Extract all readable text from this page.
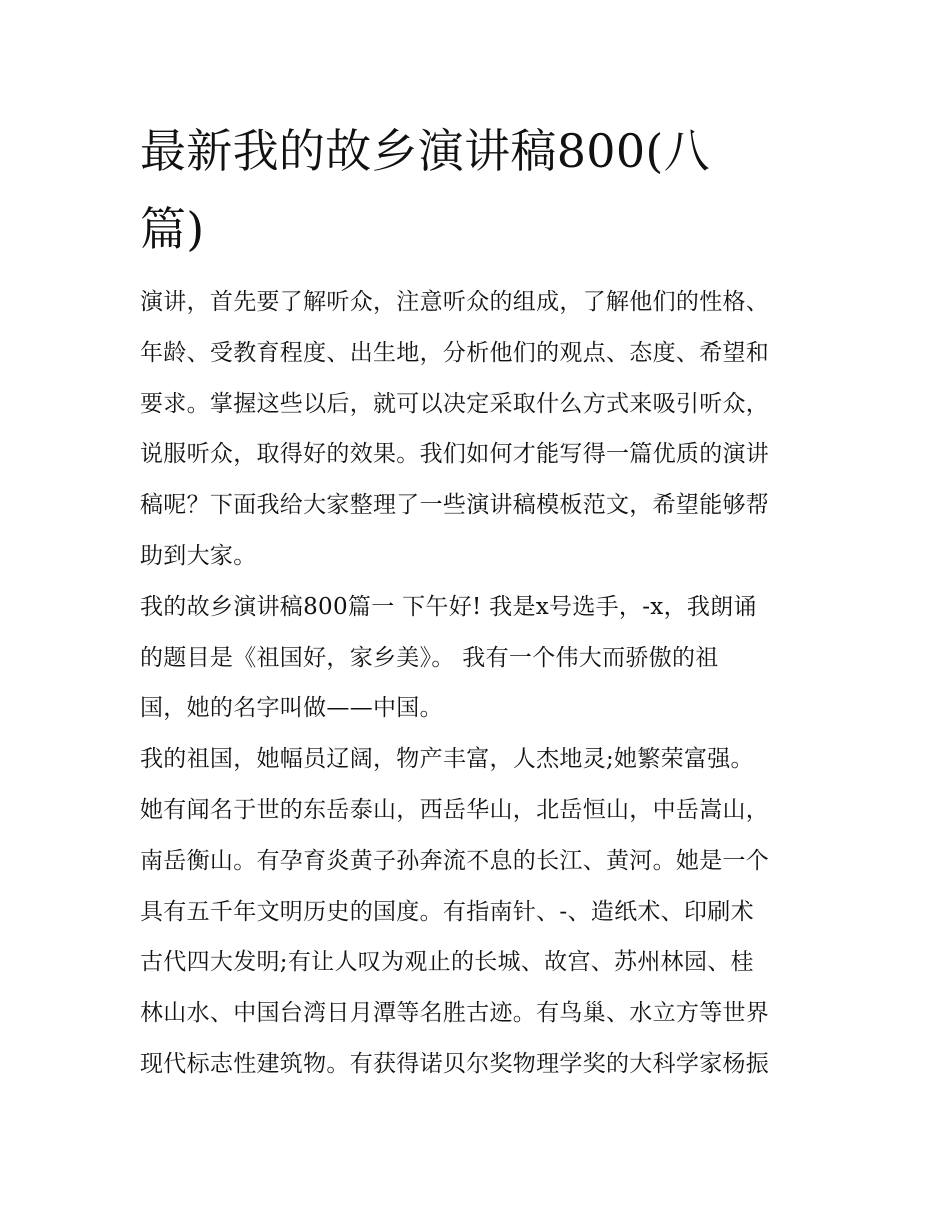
最新我的故乡演讲稿800(八
篇)
演讲，首先要了解听众，注意听众的组成，了解他们的性格、
年龄、受教育程度、出生地，分析他们的观点、态度、希望和
要求。掌握这些以后，就可以决定采取什么方式来吸引听众，
说服听众，取得好的效果。我们如何才能写得一篇优质的演讲
稿呢？下面我给大家整理了一些演讲稿模板范文，希望能够帮
助到大家。
我的故乡演讲稿800篇一 下午好! 我是x号选手，-x，我朗诵
的题目是《祖国好，家乡美》。 我有一个伟大而骄傲的祖
国，她的名字叫做——中国。
我的祖国，她幅员辽阔，物产丰富，人杰地灵;她繁荣富强。
她有闻名于世的东岳泰山，西岳华山，北岳恒山，中岳嵩山，
南岳衡山。有孕育炎黄子孙奔流不息的长江、黄河。她是一个
具有五千年文明历史的国度。有指南针、-、造纸术、印刷术
古代四大发明;有让人叹为观止的长城、故宫、苏州林园、桂
林山水、中国台湾日月潭等名胜古迹。有鸟巢、水立方等世界
现代标志性建筑物。有获得诺贝尔奖物理学奖的大科学家杨振
